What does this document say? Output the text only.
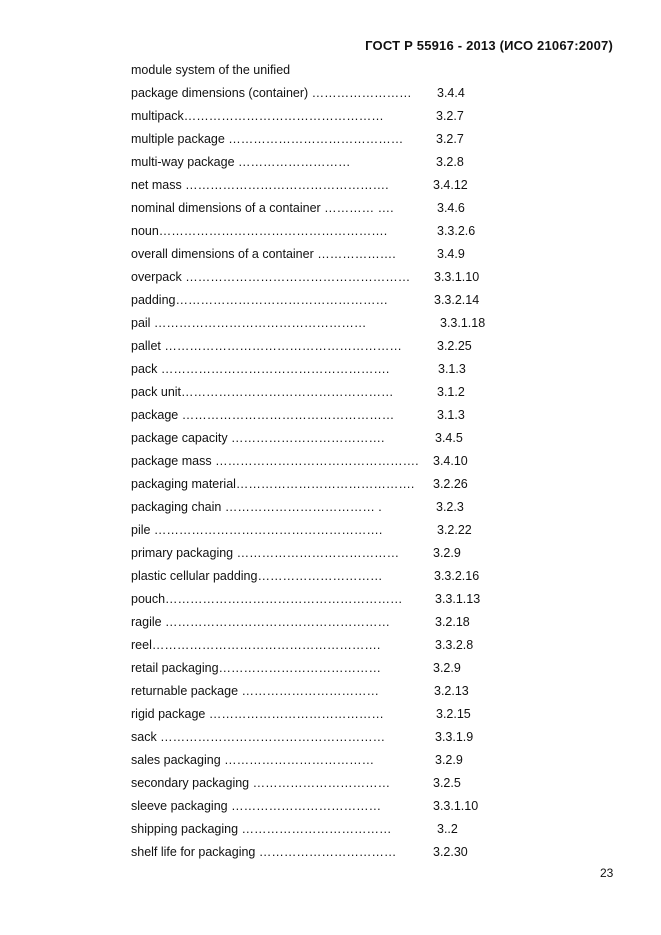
ГОСТ Р 55916 - 2013 (ИСО 21067:2007)
module system of the unified
package dimensions (container) …………………… 3.4.4
multipack…………………………………………	3.2.7
multiple package ……………………………………	3.2.7
multi-way package ………………………	3.2.8
net mass ………………………………………….	3.4.12
nominal dimensions of a container ………… ….	3.4.6
noun……………………………………………….	3.3.2.6
overall dimensions of a container ……………….	3.4.9
overpack ……………………………………………… 3.3.1.10
padding……………………………………………	3.3.2.14
pail ……………………………………………	3.3.1.18
pallet …………………………………………………	3.2.25
pack ……………………………………………….	3.1.3
pack unit……………………………………………	3.1.2
package ……………………………………………	3.1.3
package capacity ……………………………….	3.4.5
package mass …………………………………………. 3.4.10
packaging material……………………………………. 3.2.26
packaging chain ……………………………… .	3.2.3
pile ……………………………………………….	3.2.22
primary packaging …………………………………	3.2.9
plastic cellular padding…………………………	3.3.2.16
pouch…………………………………………………	3.3.1.13
ragile ………………………………………………	3.2.18
reel……………………………………………….	3.3.2.8
retail packaging…………………………………	3.2.9
returnable package ……………………………	3.2.13
rigid package ……………………………………	3.2.15
sack ………………………………………………	3.3.1.9
sales packaging ………………………………	3.2.9
secondary packaging ……………………………	3.2.5
sleeve packaging ………………………………	3.3.1.10
shipping packaging ………………………………	3..2
shelf life for packaging ……………………………	3.2.30
23
